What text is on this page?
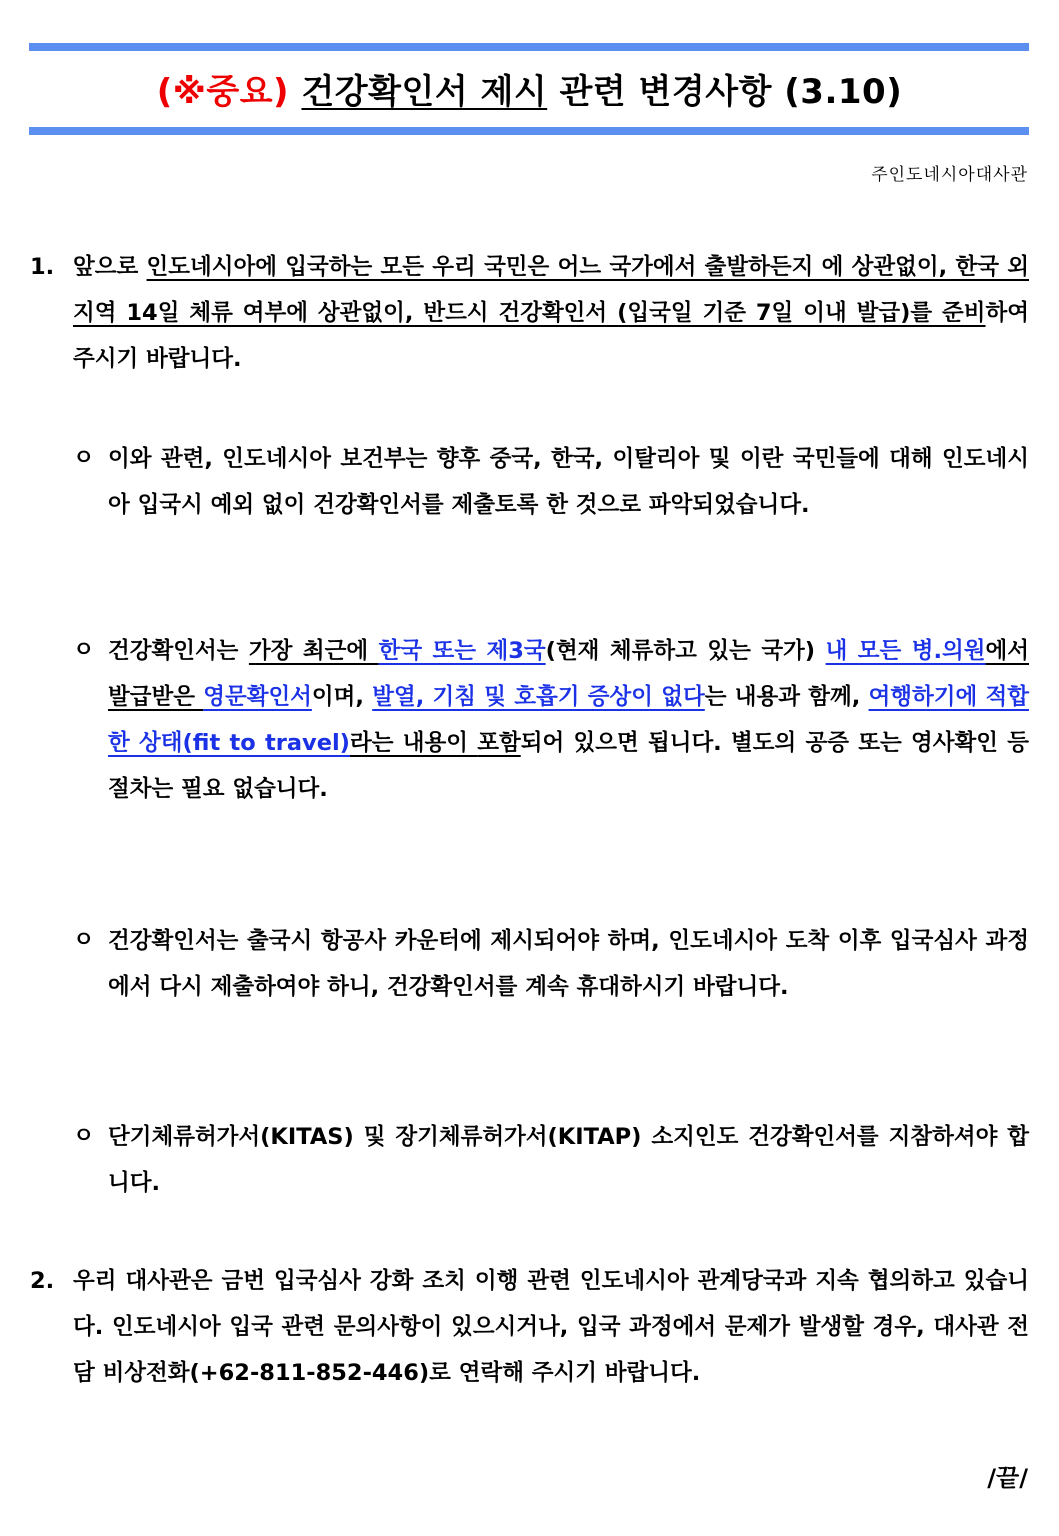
(※중요) 건강확인서 제시 관련 변경사항 (3.10)
주인도네시아대사관
1. 앞으로 인도네시아에 입국하는 모든 우리 국민은 어느 국가에서 출발하든지 에 상관없이, 한국 외 지역 14일 체류 여부에 상관없이, 반드시 건강확인서 (입국일 기준 7일 이내 발급)를 준비하여 주시기 바랍니다.
ㅇ 이와 관련, 인도네시아 보건부는 향후 중국, 한국, 이탈리아 및 이란 국민들에 대해 인도네시아 입국시 예외 없이 건강확인서를 제출토록 한 것으로 파악되었습니다.
ㅇ 건강확인서는 가장 최근에 한국 또는 제3국(현재 체류하고 있는 국가) 내 모든 병.의원에서 발급받은 영문확인서이며, 발열, 기침 및 호흡기 증상이 없다는 내용과 함께, 여행하기에 적합한 상태(fit to travel)라는 내용이 포함되어 있으면 됩니다. 별도의 공증 또는 영사확인 등 절차는 필요 없습니다.
ㅇ 건강확인서는 출국시 항공사 카운터에 제시되어야 하며, 인도네시아 도착 이후 입국심사 과정에서 다시 제출하여야 하니, 건강확인서를 계속 휴대하시기 바랍니다.
ㅇ 단기체류허가서(KITAS) 및 장기체류허가서(KITAP) 소지인도 건강확인서를 지참하셔야 합니다.
2. 우리 대사관은 금번 입국심사 강화 조치 이행 관련 인도네시아 관계당국과 지속 협의하고 있습니다. 인도네시아 입국 관련 문의사항이 있으시거나, 입국 과정에서 문제가 발생할 경우, 대사관 전담 비상전화(+62-811-852-446)로 연락해 주시기 바랍니다.
/끝/
